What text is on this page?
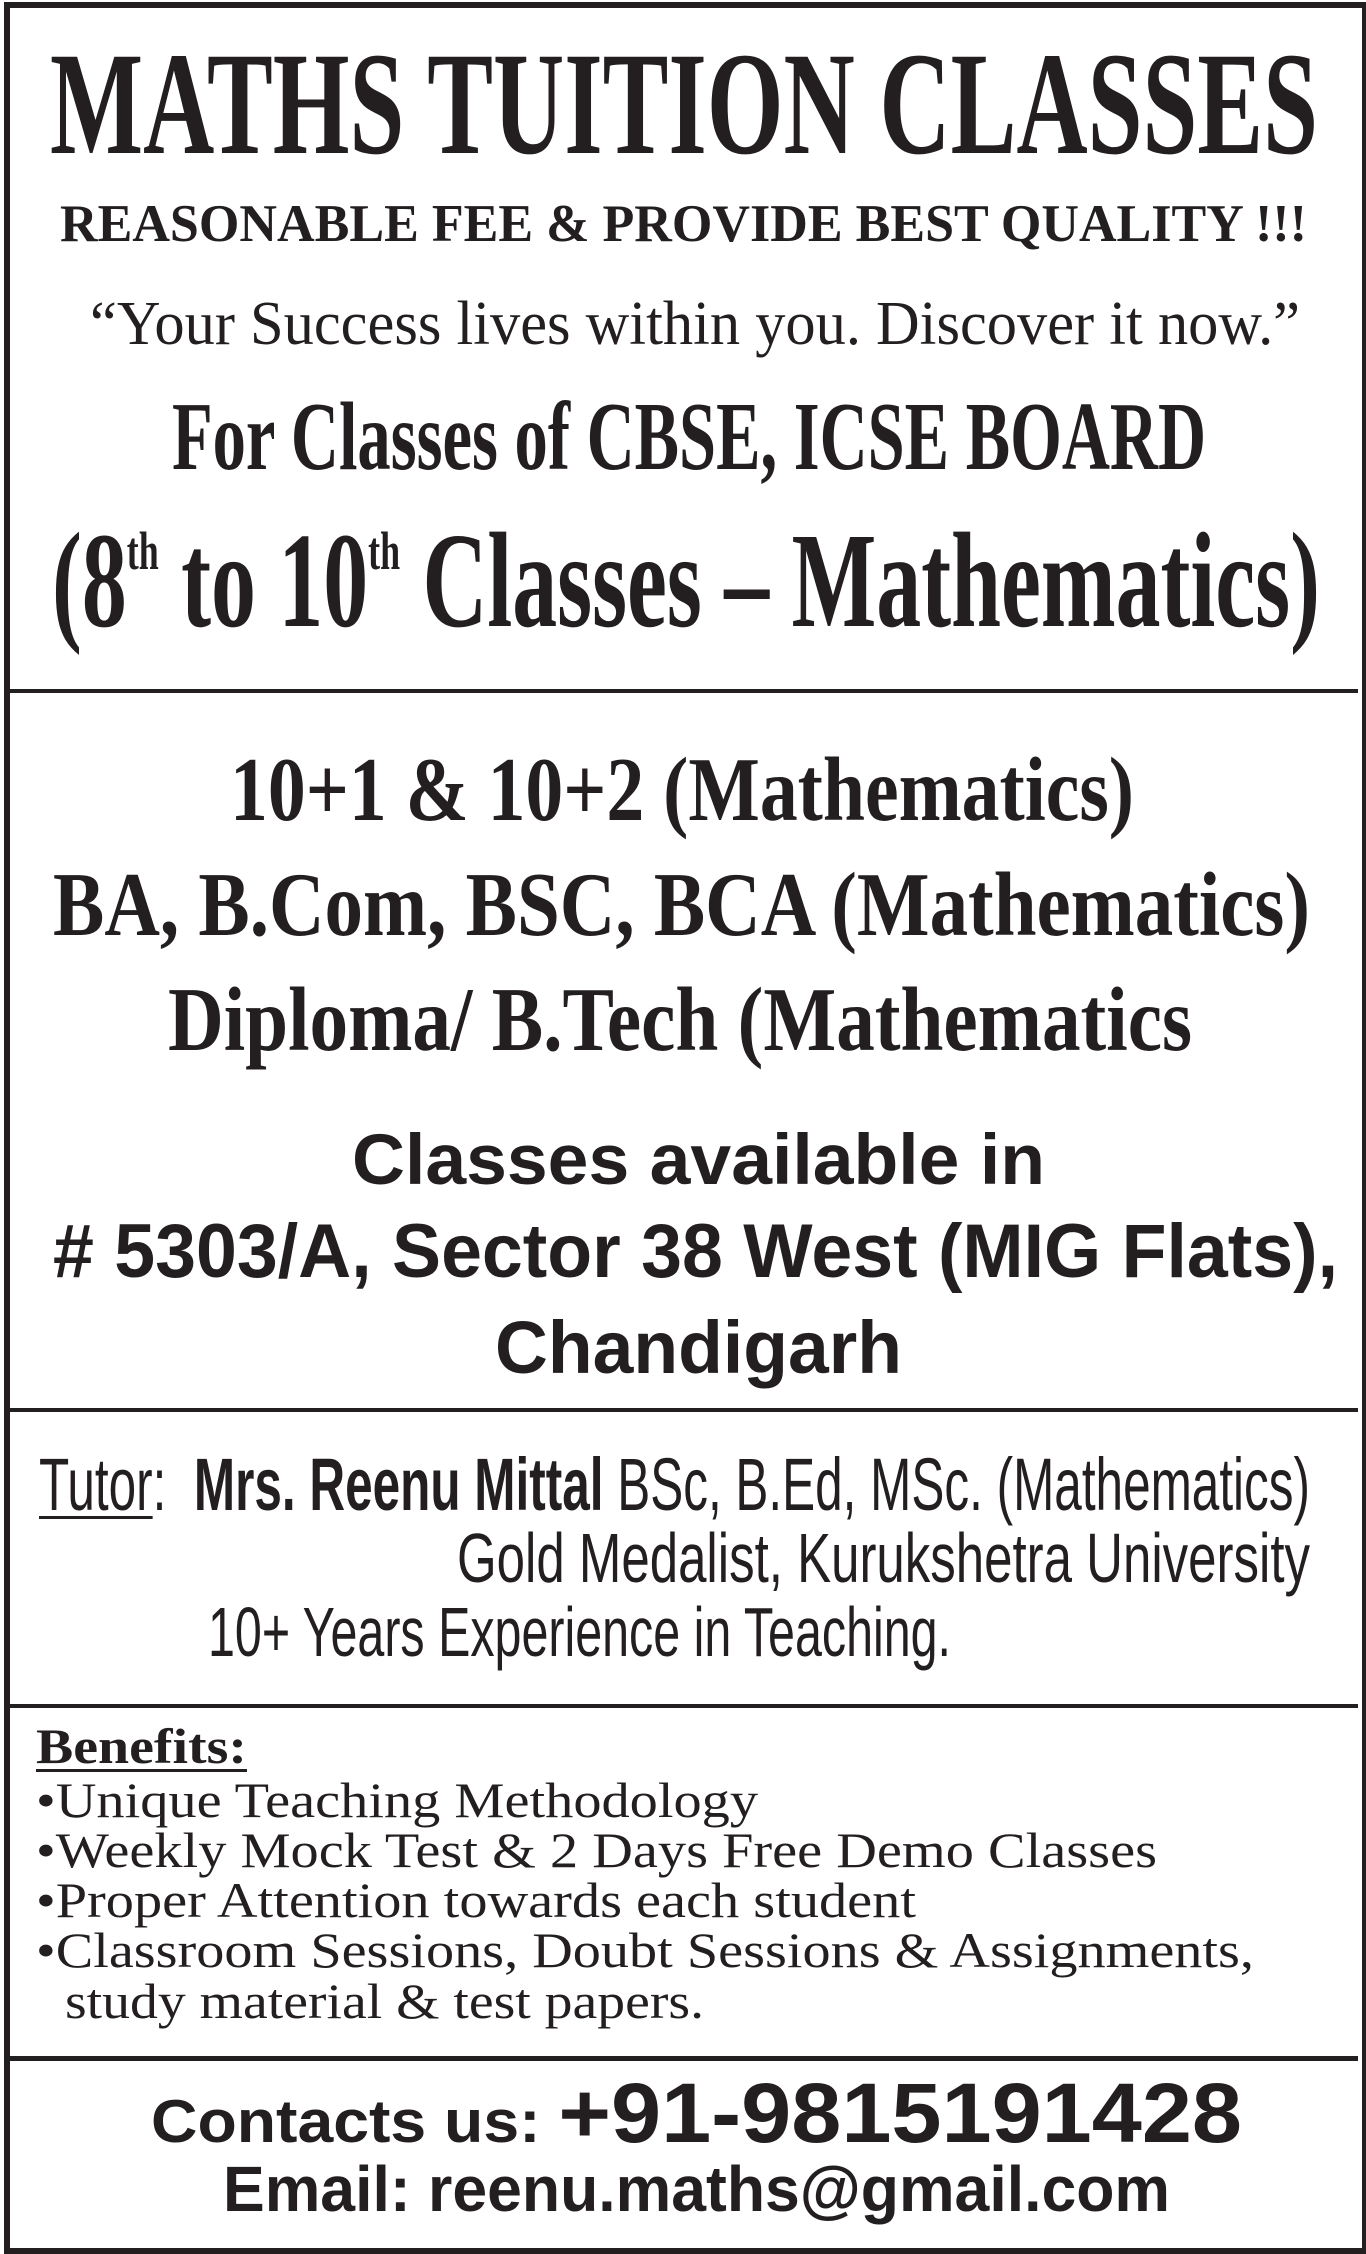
MATHS TUITION CLASSES
REASONABLE FEE & PROVIDE BEST QUALITY !!!
“Your Success lives within you. Discover it now.”
For Classes of CBSE, ICSE BOARD
(8th to 10th Classes – Mathematics)
10+1 & 10+2 (Mathematics)
BA, B.Com, BSC, BCA (Mathematics)
Diploma/ B.Tech (Mathematics
Classes available in
# 5303/A, Sector 38 West (MIG Flats),
Chandigarh
Tutor: Mrs. Reenu Mittal BSc, B.Ed, MSc. (Mathematics)
Gold Medalist, Kurukshetra University
10+ Years Experience in Teaching.
Benefits:
•Unique Teaching Methodology
•Weekly Mock Test & 2 Days Free Demo Classes
•Proper Attention towards each student
•Classroom Sessions, Doubt Sessions & Assignments,
study material & test papers.
Contacts us: +91-9815191428
Email: reenu.maths@gmail.com
